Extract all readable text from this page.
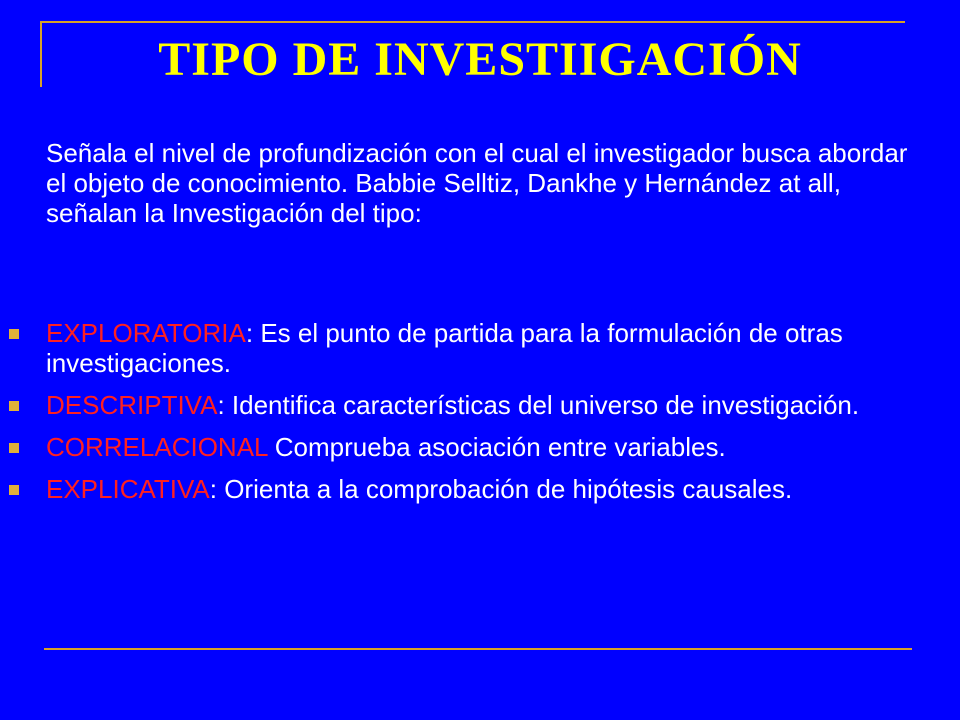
TIPO DE INVESTIIGACIÓN

Señala el nivel de profundización con el cual el investigador busca abordar el objeto de conocimiento. Babbie Selltiz, Dankhe y Hernández at all, señalan la Investigación del tipo:

EXPLORATORIA: Es el punto de partida para la formulación de otras investigaciones.
DESCRIPTIVA: Identifica características del universo de investigación.
CORRELACIONAL Comprueba asociación entre variables.
EXPLICATIVA: Orienta a la comprobación de hipótesis causales.
